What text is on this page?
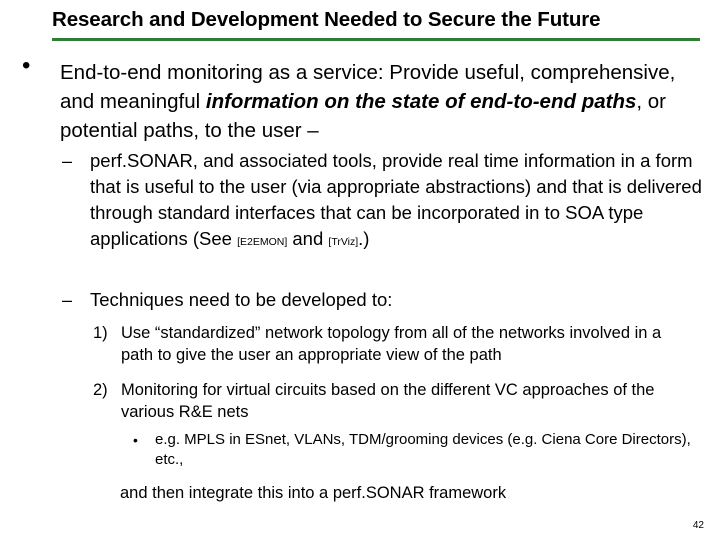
Research and Development Needed to Secure the Future
• End-to-end monitoring as a service: Provide useful, comprehensive, and meaningful information on the state of end-to-end paths, or potential paths, to the user –
– perf.SONAR, and associated tools, provide real time information in a form that is useful to the user (via appropriate abstractions) and that is delivered through standard interfaces that can be incorporated in to SOA type applications (See [E2EMON] and [TrViz].)
– Techniques need to be developed to:
1) Use “standardized” network topology from all of the networks involved in a path to give the user an appropriate view of the path
2) Monitoring for virtual circuits based on the different VC approaches of the various R&E nets
• e.g. MPLS in ESnet, VLANs, TDM/grooming devices (e.g. Ciena Core Directors), etc.,
and then integrate this into a perf.SONAR framework
42
